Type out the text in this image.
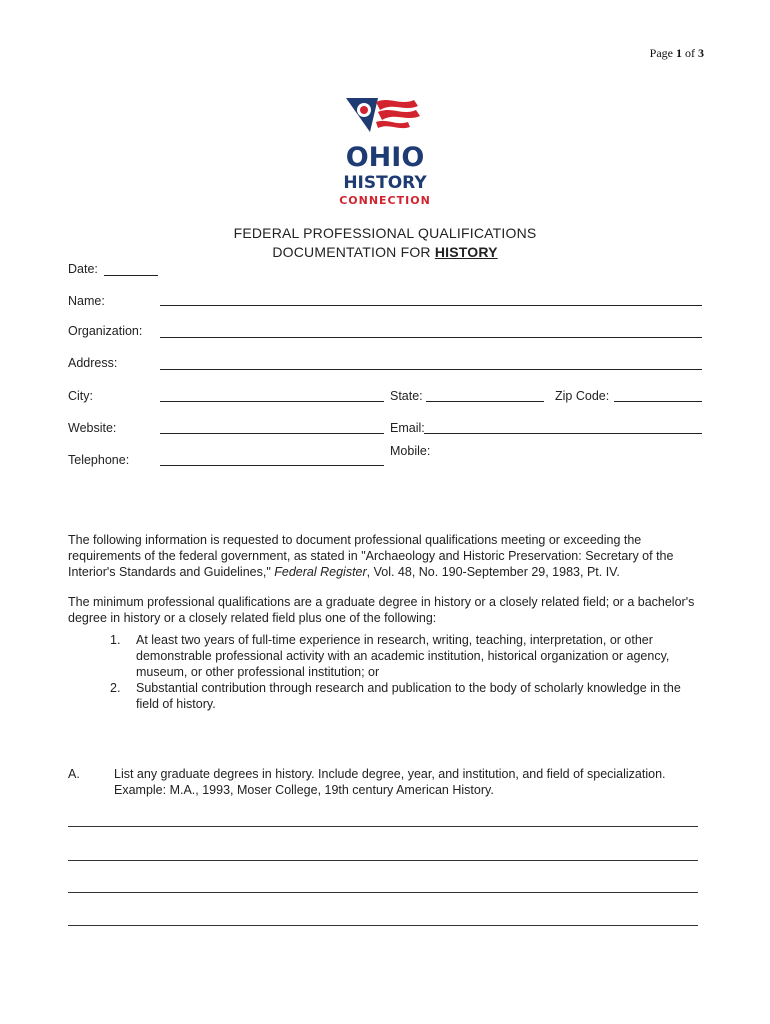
Page 1 of 3
OHIO
HISTORY
CONNECTION
FEDERAL PROFESSIONAL QUALIFICATIONS
DOCUMENTATION FOR HISTORY
Date:
Name:
Organization:
Address:
City:	State:	Zip Code:
Website:	Email:
Telephone:
Mobile:
The following information is requested to document professional qualifications meeting or exceeding the requirements of the federal government, as stated in "Archaeology and Historic Preservation: Secretary of the Interior's Standards and Guidelines," Federal Register, Vol. 48, No. 190-September 29, 1983, Pt. IV.
The minimum professional qualifications are a graduate degree in history or a closely related field; or a bachelor's degree in history or a closely related field plus one of the following:
1.	At least two years of full-time experience in research, writing, teaching, interpretation, or other demonstrable professional activity with an academic institution, historical organization or agency, museum, or other professional institution; or
2.	Substantial contribution through research and publication to the body of scholarly knowledge in the field of history.
A.	List any graduate degrees in history. Include degree, year, and institution, and field of specialization.
Example: M.A., 1993, Moser College, 19th century American History.
